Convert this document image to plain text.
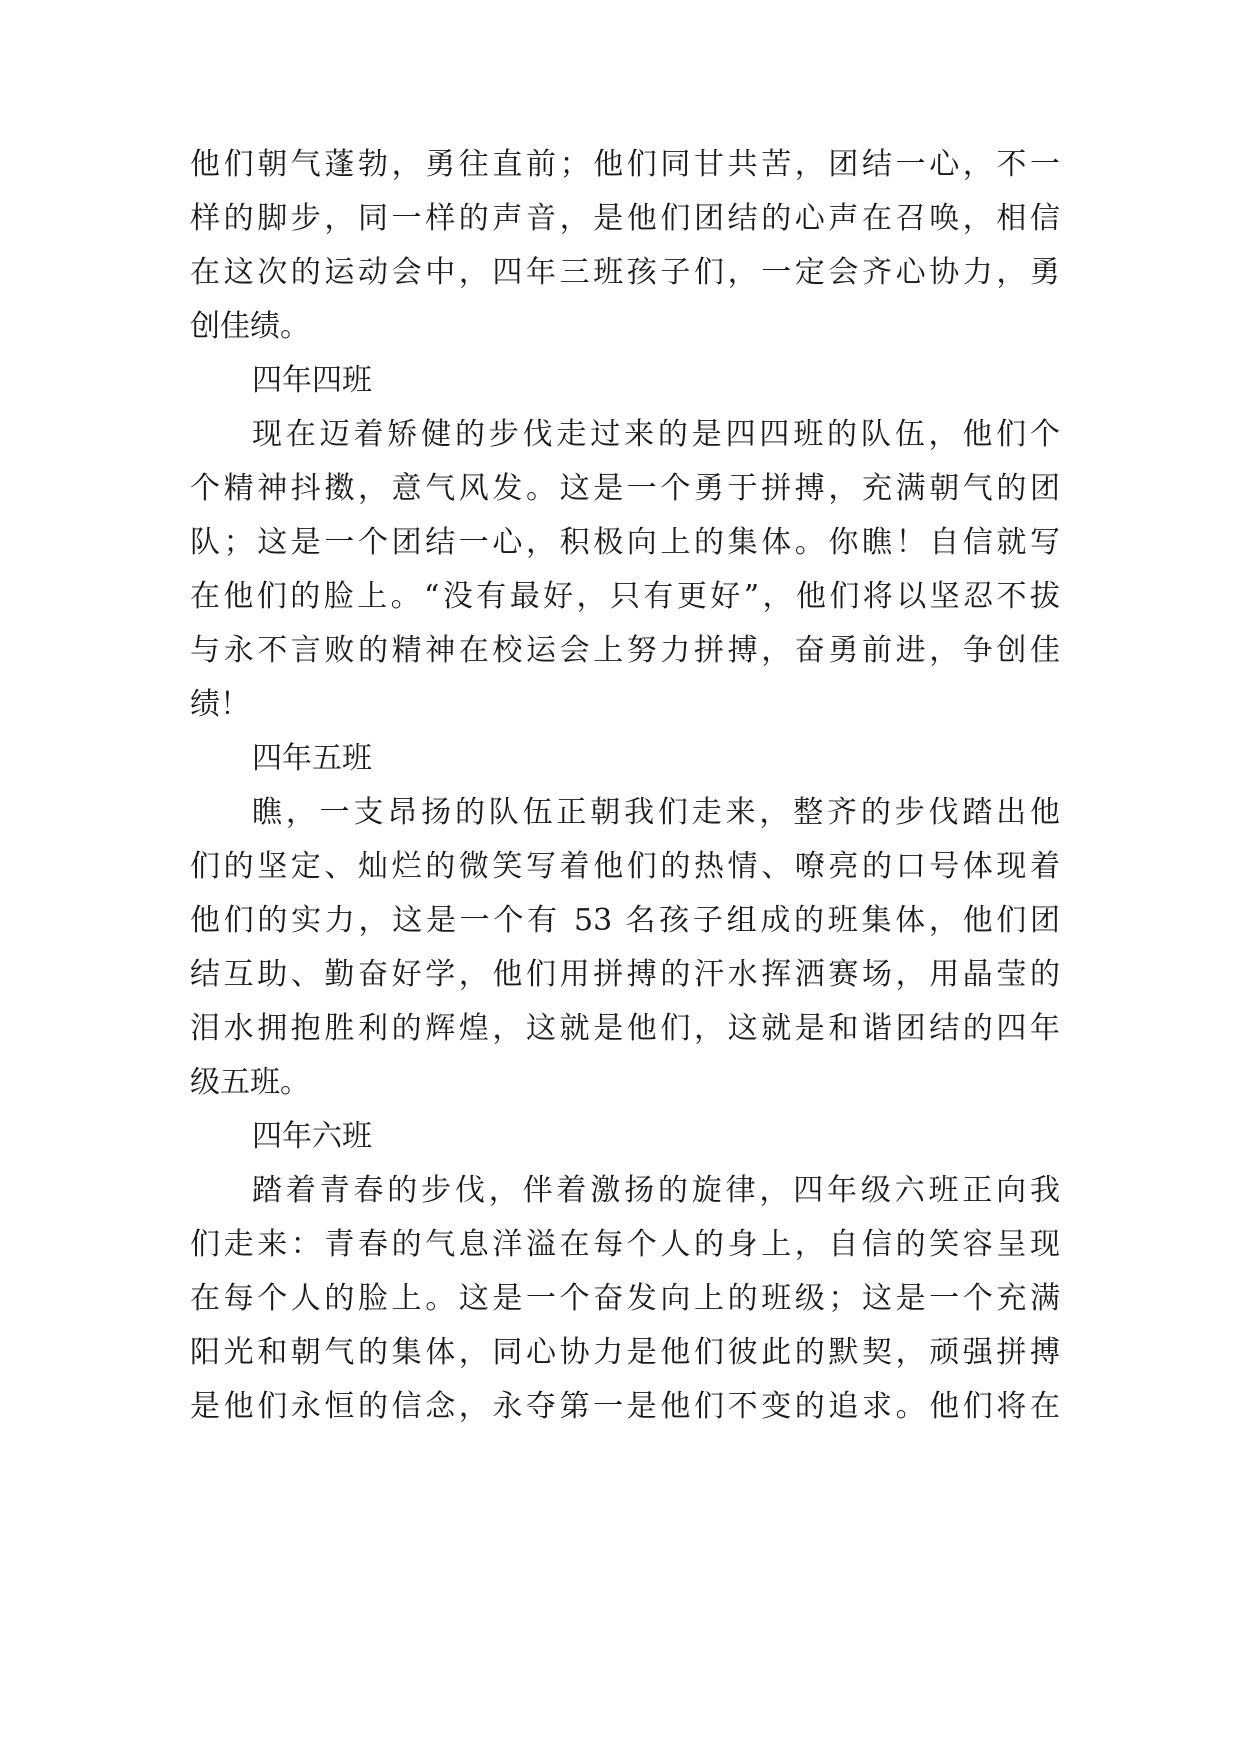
他们朝气蓬勃，勇往直前；他们同甘共苦，团结一心，不一
样的脚步，同一样的声音，是他们团结的心声在召唤，相信
在这次的运动会中，四年三班孩子们，一定会齐心协力，勇
创佳绩。
四年四班
现在迈着矫健的步伐走过来的是四四班的队伍，他们个
个精神抖擞，意气风发。这是一个勇于拼搏，充满朝气的团
队；这是一个团结一心，积极向上的集体。你瞧！自信就写
在他们的脸上。“没有最好，只有更好”，他们将以坚忍不拔
与永不言败的精神在校运会上努力拼搏，奋勇前进，争创佳
绩！
四年五班
瞧，一支昂扬的队伍正朝我们走来，整齐的步伐踏出他
们的坚定、灿烂的微笑写着他们的热情、嘹亮的口号体现着
他们的实力，这是一个有 53 名孩子组成的班集体，他们团
结互助、勤奋好学，他们用拼搏的汗水挥洒赛场，用晶莹的
泪水拥抱胜利的辉煌，这就是他们，这就是和谐团结的四年
级五班。
四年六班
踏着青春的步伐，伴着激扬的旋律，四年级六班正向我
们走来：青春的气息洋溢在每个人的身上，自信的笑容呈现
在每个人的脸上。这是一个奋发向上的班级；这是一个充满
阳光和朝气的集体，同心协力是他们彼此的默契，顽强拼搏
是他们永恒的信念，永夺第一是他们不变的追求。他们将在
